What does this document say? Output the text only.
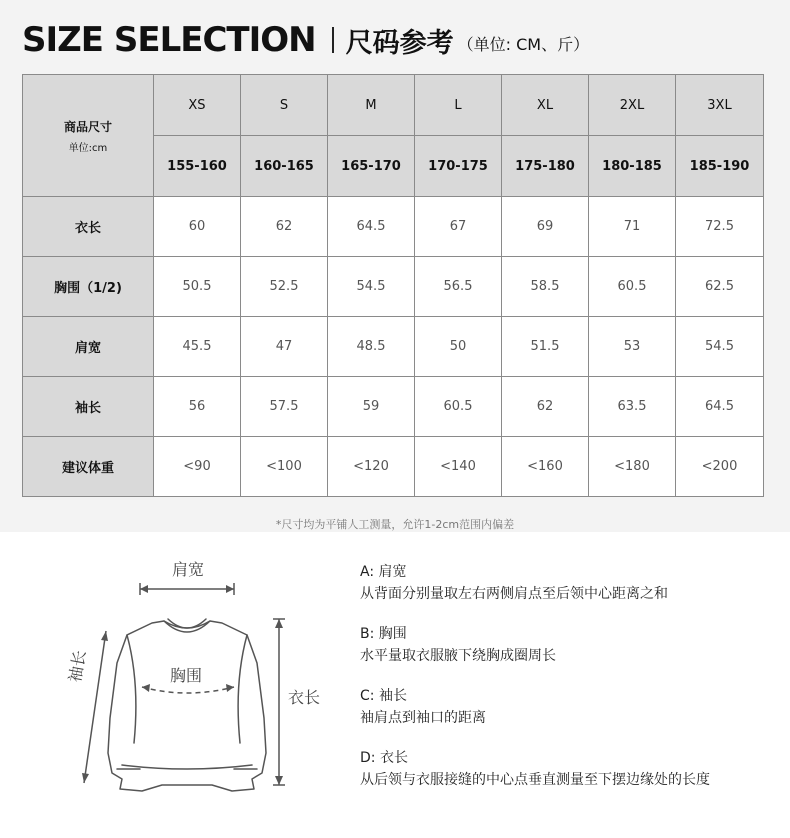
SIZE SELECTION 尺码参考 （单位: CM、斤）
商品尺寸
单位:cm	XS	S	M	L	XL	2XL	3XL
	155-160	160-165	165-170	170-175	175-180	180-185	185-190
衣长	60	62	64.5	67	69	71	72.5
胸围（1/2)	50.5	52.5	54.5	56.5	58.5	60.5	62.5
肩宽	45.5	47	48.5	50	51.5	53	54.5
袖长	56	57.5	59	60.5	62	63.5	64.5
建议体重	<90	<100	<120	<140	<160	<180	<200
*尺寸均为平铺人工测量，允许1-2cm范围内偏差
肩宽
胸围
袖长
衣长
A: 肩宽
从背面分别量取左右两侧肩点至后领中心距离之和
B: 胸围
水平量取衣服腋下绕胸成圈周长
C: 袖长
袖肩点到袖口的距离
D: 衣长
从后领与衣服接缝的中心点垂直测量至下摆边缘处的长度
